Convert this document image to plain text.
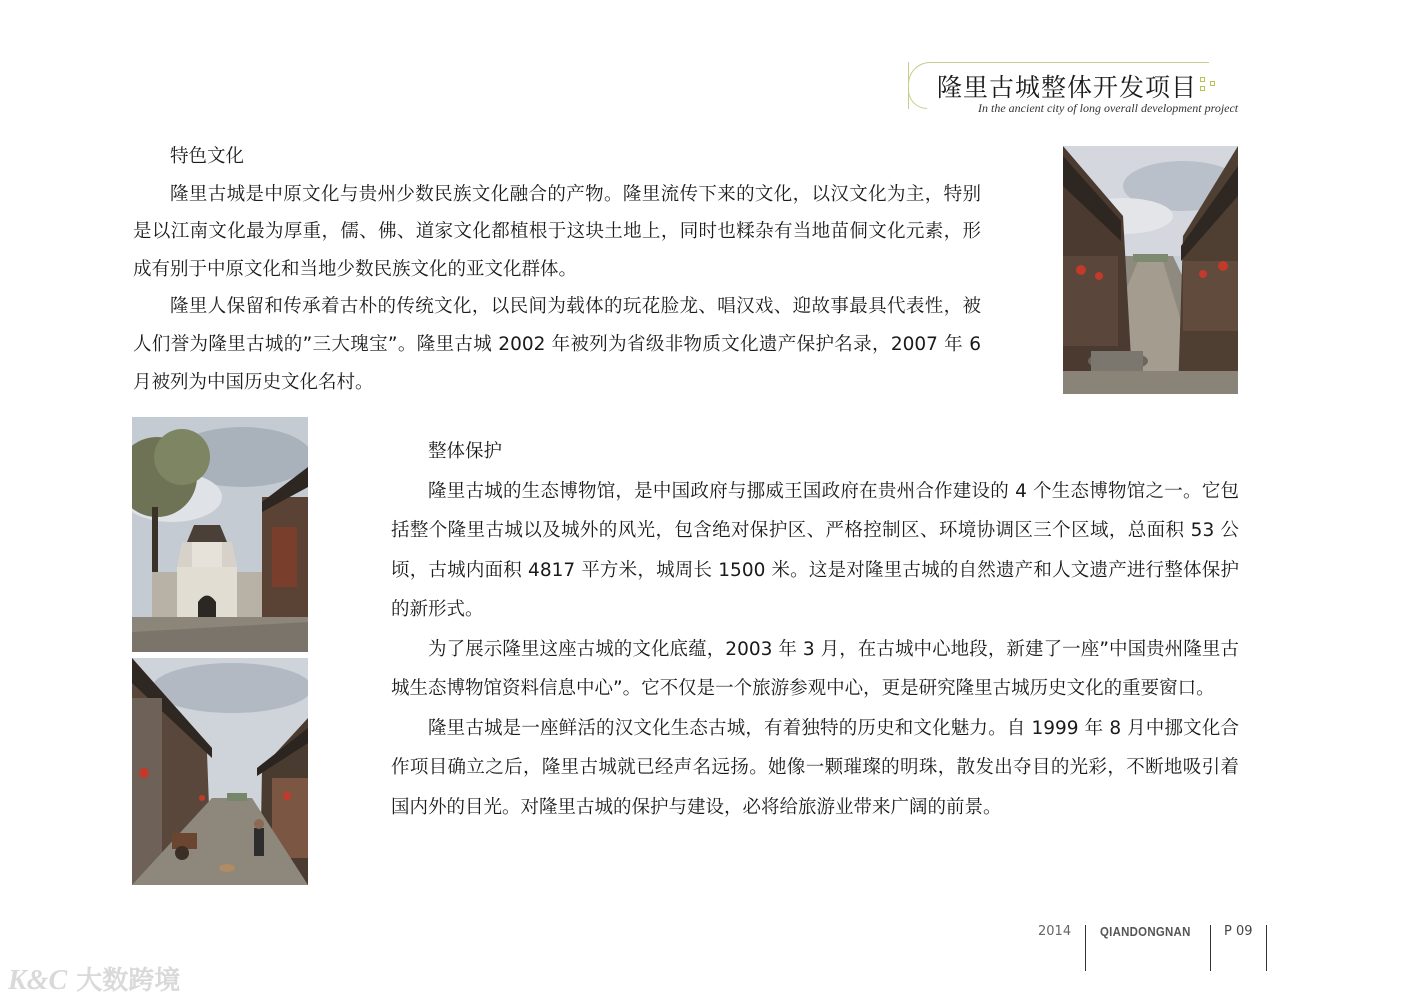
隆里古城整体开发项目
In the ancient city of long overall development project

特色文化

隆里古城是中原文化与贵州少数民族文化融合的产物。隆里流传下来的文化，以汉文化为主，特别是以江南文化最为厚重，儒、佛、道家文化都植根于这块土地上，同时也糅杂有当地苗侗文化元素，形成有别于中原文化和当地少数民族文化的亚文化群体。

隆里人保留和传承着古朴的传统文化，以民间为载体的玩花脸龙、唱汉戏、迎故事最具代表性，被人们誉为隆里古城的”三大瑰宝”。隆里古城 2002 年被列为省级非物质文化遗产保护名录，2007 年 6 月被列为中国历史文化名村。

整体保护

隆里古城的生态博物馆，是中国政府与挪威王国政府在贵州合作建设的 4 个生态博物馆之一。它包括整个隆里古城以及城外的风光，包含绝对保护区、严格控制区、环境协调区三个区域，总面积 53 公顷，古城内面积 4817 平方米，城周长 1500 米。这是对隆里古城的自然遗产和人文遗产进行整体保护的新形式。

为了展示隆里这座古城的文化底蕴，2003 年 3 月，在古城中心地段，新建了一座”中国贵州隆里古城生态博物馆资料信息中心”。它不仅是一个旅游参观中心，更是研究隆里古城历史文化的重要窗口。

隆里古城是一座鲜活的汉文化生态古城，有着独特的历史和文化魅力。自 1999 年 8 月中挪文化合作项目确立之后，隆里古城就已经声名远扬。她像一颗璀璨的明珠，散发出夺目的光彩，不断地吸引着国内外的目光。对隆里古城的保护与建设，必将给旅游业带来广阔的前景。

2014 QIANDONGNAN	P 09
K&C 大数跨境
